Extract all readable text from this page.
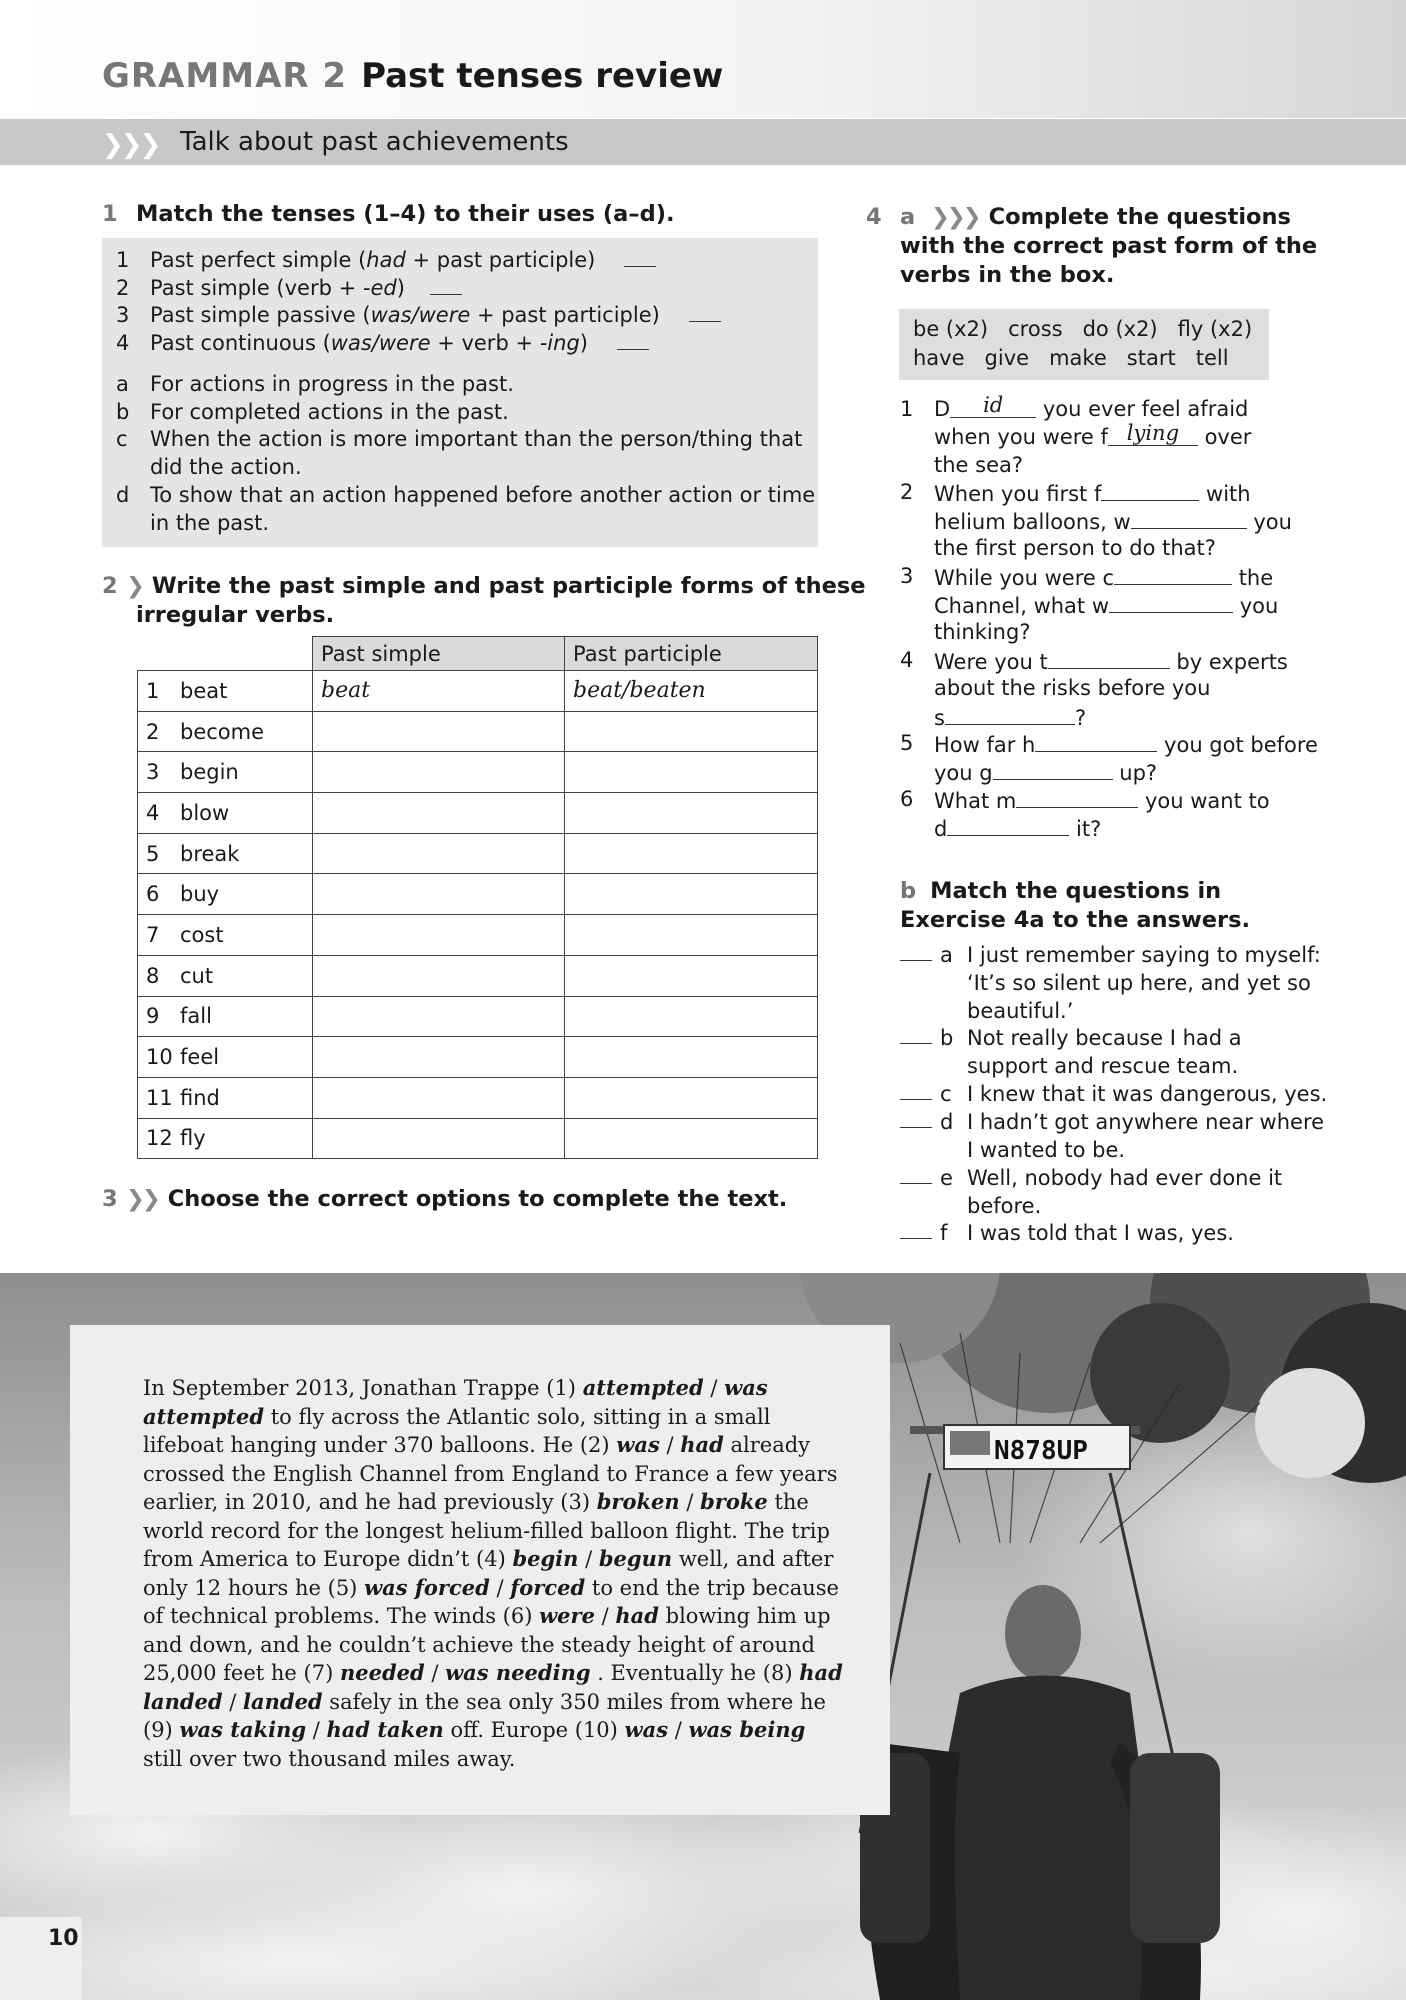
GRAMMAR 2 Past tenses review
❯❯❯ Talk about past achievements
1 Match the tenses (1–4) to their uses (a–d).
1 Past perfect simple (had + past participle)
2 Past simple (verb + -ed)
3 Past simple passive (was/were + past participle)
4 Past continuous (was/were + verb + -ing)
a For actions in progress in the past.
b For completed actions in the past.
c When the action is more important than the person/thing that
did the action.
d To show that an action happened before another action or time
in the past.
2 ❯ Write the past simple and past participle forms of these
irregular verbs.
	Past simple	Past participle
1 beat	beat	beat/beaten
2 become		
3 begin		
4 blow		
5 break		
6 buy		
7 cost		
8 cut		
9 fall		
10 feel		
11 find		
12 fly		
3 ❯❯ Choose the correct options to complete the text.
4 a ❯❯❯ Complete the questions
with the correct past form of the
verbs in the box.
be (x2)   cross   do (x2)   fly (x2)
have   give   make   start   tell
1 D id you ever feel afraid
when you were f lying over
the sea?
2 When you first f	with
helium balloons, w	you
the first person to do that?
3 While you were c	the
Channel, what w	you
thinking?
4 Were you t	by experts
about the risks before you
s	?
5 How far h	you got before
you g	up?
6 What m	you want to
d	it?
b Match the questions in
Exercise 4a to the answers.
a I just remember saying to myself:
‘It’s so silent up here, and yet so
beautiful.’
b Not really because I had a
support and rescue team.
c I knew that it was dangerous, yes.
d I hadn’t got anywhere near where
I wanted to be.
e Well, nobody had ever done it
before.
f I was told that I was, yes.
N878UP
In September 2013, Jonathan Trappe (1) attempted / was attempted to fly across the Atlantic solo, sitting in a small lifeboat hanging under 370 balloons. He (2) was / had already crossed the English Channel from England to France a few years earlier, in 2010, and he had previously (3) broken / broke the world record for the longest helium-filled balloon flight. The trip from America to Europe didn’t (4) begin / begun well, and after only 12 hours he (5) was forced / forced to end the trip because of technical problems. The winds (6) were / had blowing him up and down, and he couldn’t achieve the steady height of around 25,000 feet he (7) needed / was needing . Eventually he (8) had landed / landed safely in the sea only 350 miles from where he (9) was taking / had taken off. Europe (10) was / was being still over two thousand miles away.
10
